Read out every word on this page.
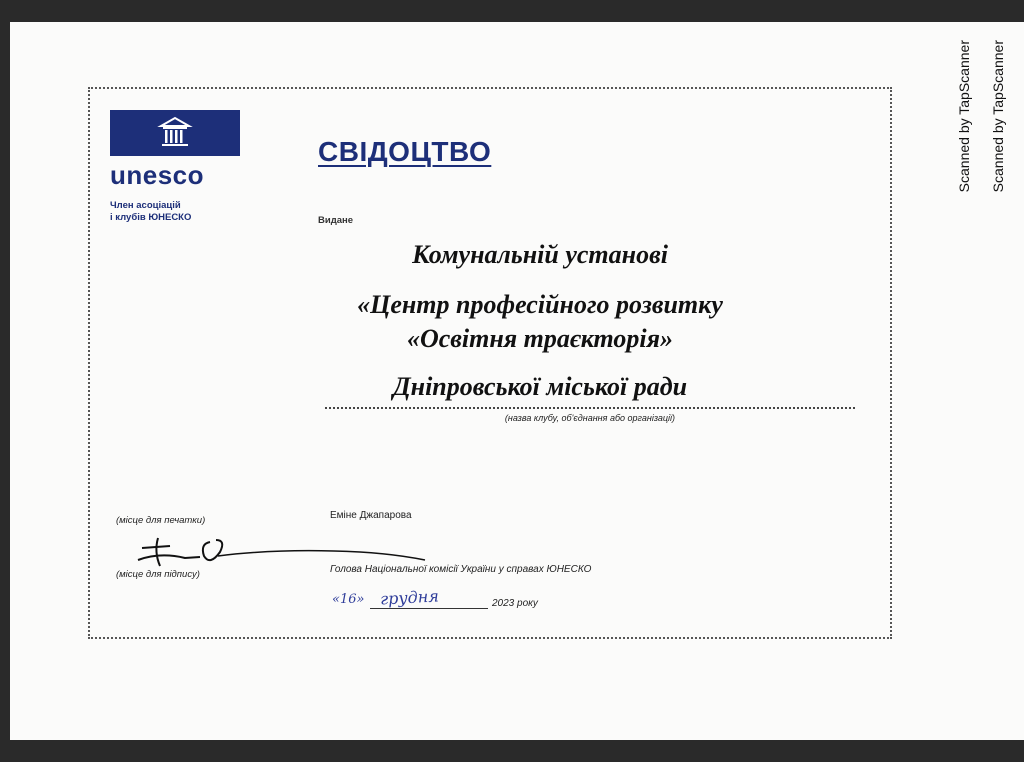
unesco
Член асоціацій
і клубів ЮНЕСКО
СВІДОЦТВО
Видане
Комунальній установі
«Центр професійного розвитку
«Освітня траєкторія»
Дніпровської міської ради
(назва клубу, об'єднання або організації)
(місце для печатки)
(місце для підпису)
Еміне Джапарова
Голова Національної комісії України у справах ЮНЕСКО
«16» грудня	2023 року
Scanned by TapScanner Scanned by TapScanner
